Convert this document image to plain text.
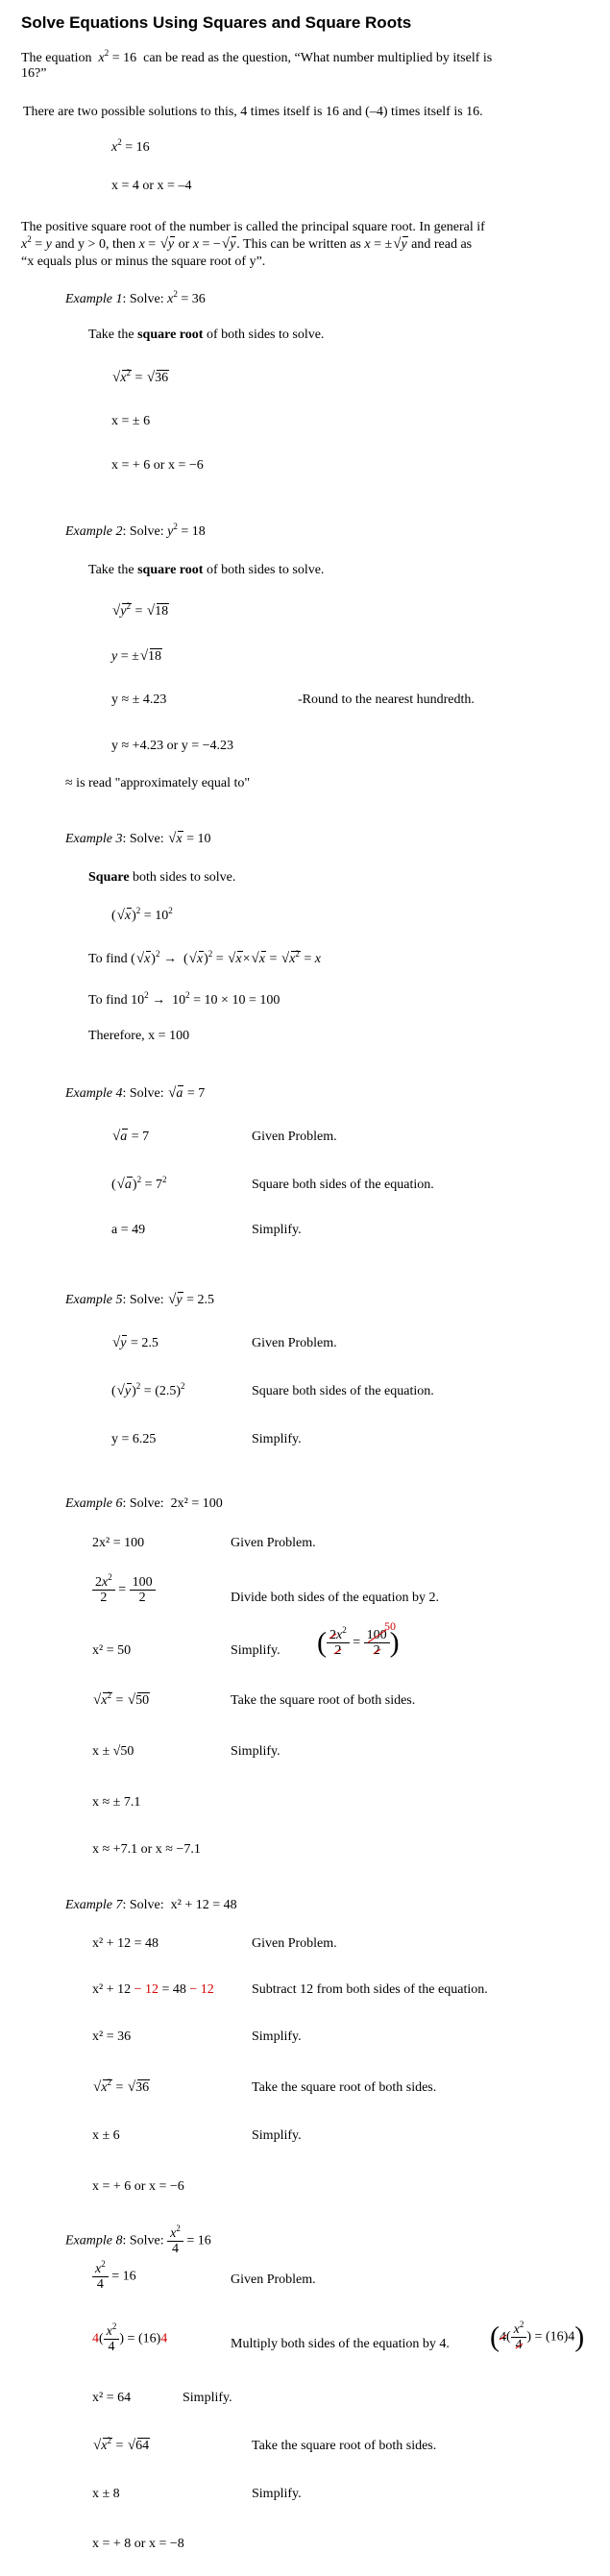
Solve Equations Using Squares and Square Roots
The equation $x^2 = 16$  can be read as the question, “What number multiplied by itself is
16?”
There are two possible solutions to this, 4 times itself is 16 and (–4) times itself is 16.
$x^2 = 16$
x = 4 or x = –4
The positive square root of the number is called the principal square root. In general if
$x^2 = y$ and y > 0, then x = √ y or x = − √ y. This can be written as x = ± √ y and read as
“x equals plus or minus the square root of y”.
Example 1: Solve: $x^2 = 36$
Take the square root of both sides to solve.
√ $x^2$ = √ 36
x = ± 6
x = + 6 or x = −6
Example 2: Solve: $y^2 = 18$
Take the square root of both sides to solve.
√ $y^2$ = √ 18
y = ± √ 18
y ≈ ± 4.23	-Round to the nearest hundredth.
y ≈ +4.23 or y = −4.23
≈ is read "approximately equal to"
Example 3: Solve: √ x = 10
Square both sides to solve.
( √ $x)^2 = 10^2$
To find ( √ x)$^2$ →  ( √ x)$^2$ = √ x× √ x = √ $x^2 = x$
To find $10^2 \to 10^2 = 10 \times 10 = 100$
Therefore, x = 100
Example 4: Solve: √ a = 7
√ a = 7	Given Problem.
( √ $a)^2 = 7^2$	Square both sides of the equation.
a = 49	Simplify.
Example 5: Solve: √ y = 2.5
√ y = 2.5	Given Problem.
( √ $y)^2 = (2.5)^2$	Square both sides of the equation.
y = 6.25	Simplify.
Example 6: Solve: 2x² = 100
2x² = 100	Given Problem.
$\frac{2x^2}{2} = \frac{100}{2}$	Divide both sides of the equation by 2.
x² = 50	Simplify. ( $\frac{2x^2}{2} = \frac{100}{2}$ )
50
√ $x^2$ = √ 50	Take the square root of both sides.
x ± √50	Simplify.
x ≈ ± 7.1
x ≈ +7.1 or x ≈ −7.1
Example 7: Solve: x² + 12 = 48
x² + 12 = 48	Given Problem.
x² + 12 − 12 = 48 − 12	Subtract 12 from both sides of the equation.
x² = 36	Simplify.
√ $x^2$ = √ 36	Take the square root of both sides.
x ± 6	Simplify.
x = + 6 or x = −6
Example 8: Solve: $\frac{x^2}{4} = 16$
$\frac{x^2}{4} = 16$	Given Problem.
$4( \frac{x^2}{4}$ ) = (16)4	Multiply both sides of the equation by 4. ($4( \frac{x^2}{4}$ ) = (16)4)
x² = 64	Simplify.
√ $x^2$ = √ 64	Take the square root of both sides.
x ± 8	Simplify.
x = + 8 or x = −8
